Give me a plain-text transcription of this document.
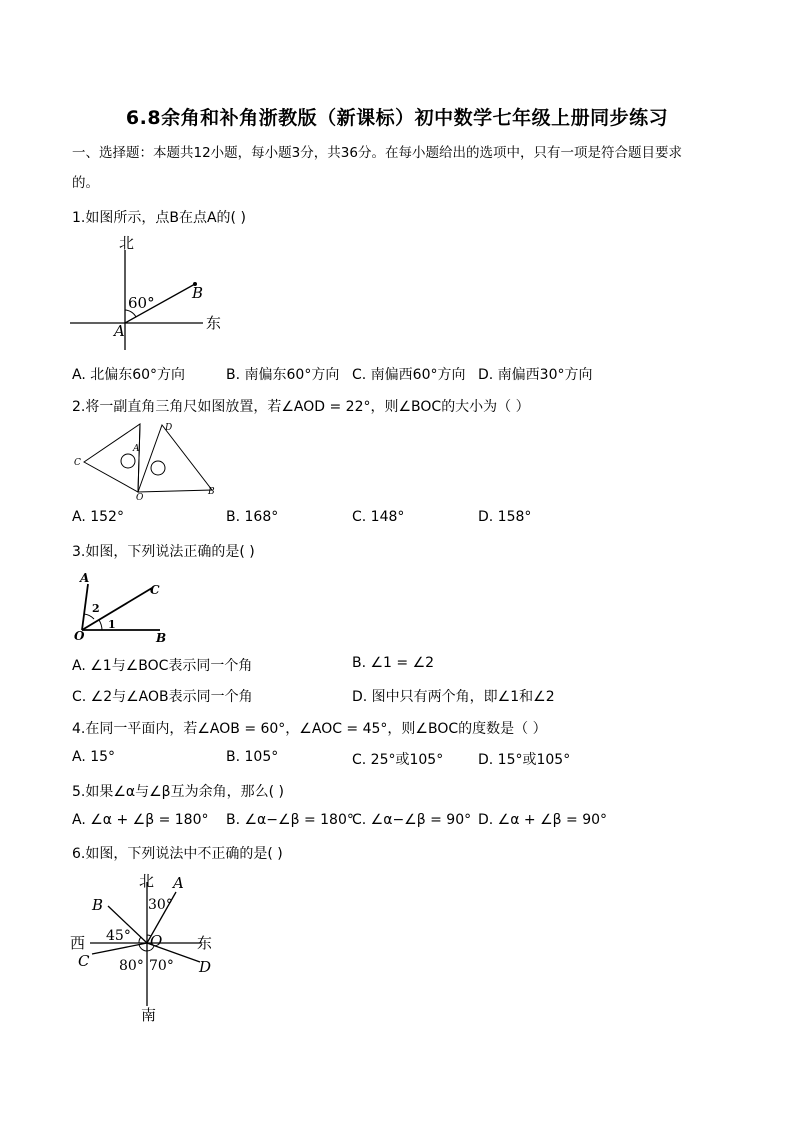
6.8余角和补角浙教版（新课标）初中数学七年级上册同步练习
一、选择题：本题共12小题，每小题3分，共36分。在每小题给出的选项中，只有一项是符合题目要求
的。
1.如图所示，点B在点A的( )
北
东
60°
A
B
A. 北偏东60°方向	B. 南偏东60°方向 C. 南偏西60°方向 D. 南偏西30°方向
2.将一副直角三角尺如图放置，若∠AOD = 22°，则∠BOC的大小为（ ）
C
A
D
O
B
A. 152°	B. 168°	C. 148°	D. 158°
3.如图，下列说法正确的是( )
A
C
O	B
1
2
A. ∠1与∠BOC表示同一个角	B. ∠1 = ∠2
C. ∠2与∠AOB表示同一个角	D. 图中只有两个角，即∠1和∠2
4.在同一平面内，若∠AOB = 60°，∠AOC = 45°，则∠BOC的度数是（ ）
A. 15°	B. 105°	C. 25°或105° D. 15°或105°
5.如果∠α与∠β互为余角，那么( )
A. ∠α + ∠β = 180° B. ∠α−∠β = 180°
C. ∠α−∠β = 90° D. ∠α + ∠β = 90°
6.如图，下列说法中不正确的是( )
北
南
西	东
A
B
C	D
O
30°
45°
80° 70°
